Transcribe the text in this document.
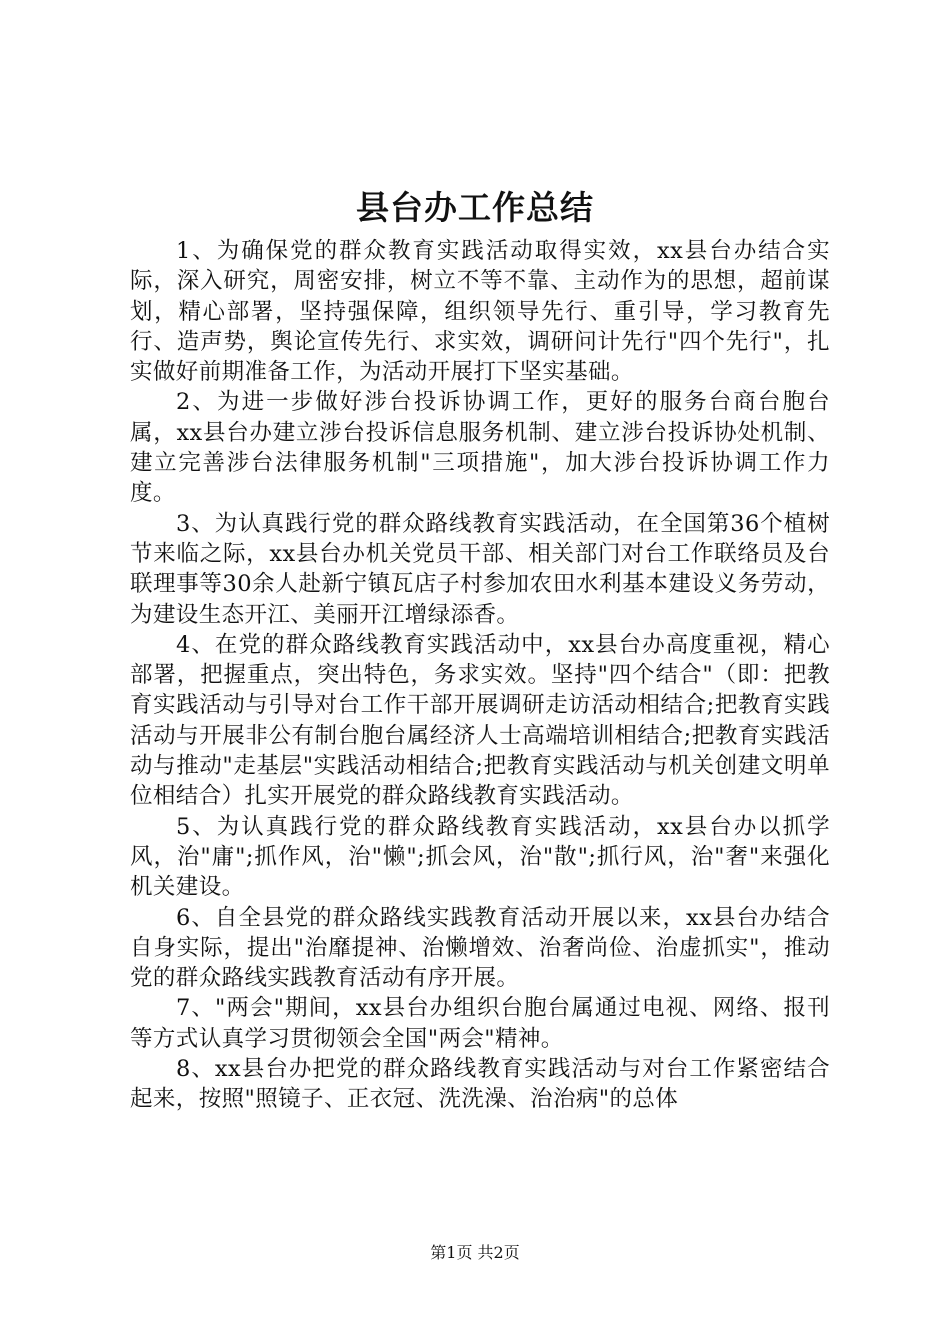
县台办工作总结

1、为确保党的群众教育实践活动取得实效，xx县台办结合实际，深入研究，周密安排，树立不等不靠、主动作为的思想，超前谋划，精心部署，坚持强保障，组织领导先行、重引导，学习教育先行、造声势，舆论宣传先行、求实效，调研问计先行"四个先行"，扎实做好前期准备工作，为活动开展打下坚实基础。

2、为进一步做好涉台投诉协调工作，更好的服务台商台胞台属，xx县台办建立涉台投诉信息服务机制、建立涉台投诉协处机制、建立完善涉台法律服务机制"三项措施"，加大涉台投诉协调工作力度。

3、为认真践行党的群众路线教育实践活动，在全国第36个植树节来临之际，xx县台办机关党员干部、相关部门对台工作联络员及台联理事等30余人赴新宁镇瓦店子村参加农田水利基本建设义务劳动，为建设生态开江、美丽开江增绿添香。

4、在党的群众路线教育实践活动中，xx县台办高度重视，精心部署，把握重点，突出特色，务求实效。坚持"四个结合"（即：把教育实践活动与引导对台工作干部开展调研走访活动相结合;把教育实践活动与开展非公有制台胞台属经济人士高端培训相结合;把教育实践活动与推动"走基层"实践活动相结合;把教育实践活动与机关创建文明单位相结合）扎实开展党的群众路线教育实践活动。

5、为认真践行党的群众路线教育实践活动，xx县台办以抓学风，治"庸";抓作风，治"懒";抓会风，治"散";抓行风，治"奢"来强化机关建设。

6、自全县党的群众路线实践教育活动开展以来，xx县台办结合自身实际，提出"治靡提神、治懒增效、治奢尚俭、治虚抓实"，推动党的群众路线实践教育活动有序开展。

7、"两会"期间，xx县台办组织台胞台属通过电视、网络、报刊等方式认真学习贯彻领会全国"两会"精神。

8、xx县台办把党的群众路线教育实践活动与对台工作紧密结合起来，按照"照镜子、正衣冠、洗洗澡、治治病"的总体

第1页 共2页
